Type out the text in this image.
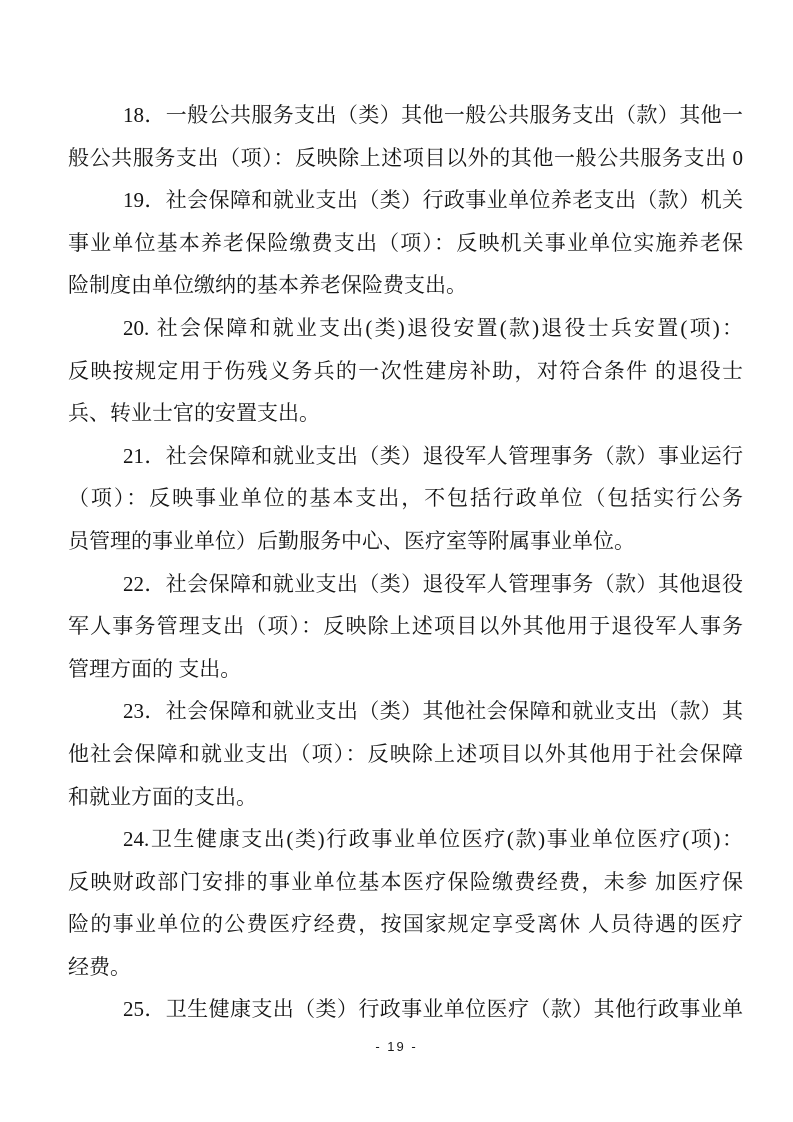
18．一般公共服务支出（类）其他一般公共服务支出（款）其他一
般公共服务支出（项）：反映除上述项目以外的其他一般公共服务支出 0
19．社会保障和就业支出（类）行政事业单位养老支出（款）机关
事业单位基本养老保险缴费支出（项）：反映机关事业单位实施养老保
险制度由单位缴纳的基本养老保险费支出。
20. 社会保障和就业支出(类)退役安置(款)退役士兵安置(项)：
反映按规定用于伤残义务兵的一次性建房补助，对符合条件 的退役士
兵、转业士官的安置支出。
21．社会保障和就业支出（类）退役军人管理事务（款）事业运行
（项）：反映事业单位的基本支出，不包括行政单位（包括实行公务
员管理的事业单位）后勤服务中心、医疗室等附属事业单位。
22．社会保障和就业支出（类）退役军人管理事务（款）其他退役
军人事务管理支出（项）：反映除上述项目以外其他用于退役军人事务
管理方面的 支出。
23．社会保障和就业支出（类）其他社会保障和就业支出（款）其
他社会保障和就业支出（项）：反映除上述项目以外其他用于社会保障
和就业方面的支出。
24.卫生健康支出(类)行政事业单位医疗(款)事业单位医疗(项)：
反映财政部门安排的事业单位基本医疗保险缴费经费，未参 加医疗保
险的事业单位的公费医疗经费，按国家规定享受离休 人员待遇的医疗
经费。
25．卫生健康支出（类）行政事业单位医疗（款）其他行政事业单
- 19 -
